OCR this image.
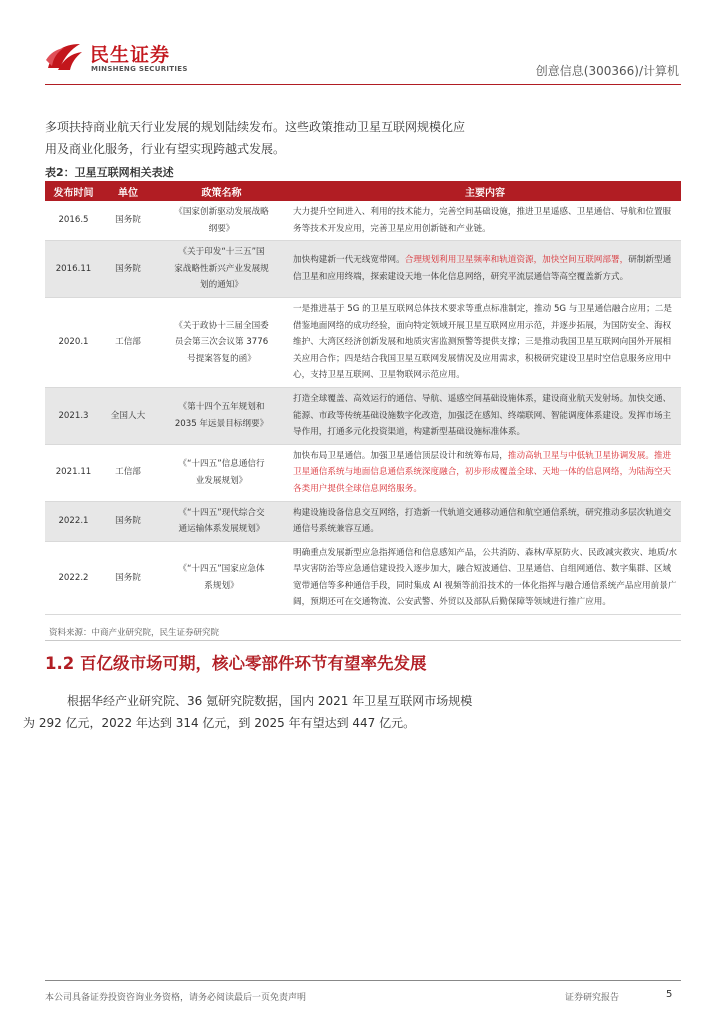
民生证券
MINSHENG SECURITIES	创意信息(300366)/计算机

多项扶持商业航天行业发展的规划陆续发布。这些政策推动卫星互联网规模化应

用及商业化服务，行业有望实现跨越式发展。

表2：卫星互联网相关表述
发布时间	单位	政策名称	主要内容
2016.5	国务院	《国家创新驱动发展战略
纲要》	大力提升空间进入、利用的技术能力，完善空间基础设施，推进卫星遥感、卫星通信、导航和位置服务等技术开发应用，完善卫星应用创新链和产业链。
2016.11	国务院	《关于印发“十三五”国
家战略性新兴产业发展规
划的通知》	加快构建新一代无线宽带网。合理规划利用卫星频率和轨道资源，加快空间互联网部署，研制新型通信卫星和应用终端，探索建设天地一体化信息网络，研究平流层通信等高空覆盖新方式。
2020.1	工信部	《关于政协十三届全国委
员会第三次会议第 3776
号提案答复的函》	一是推进基于 5G 的卫星互联网总体技术要求等重点标准制定，推动 5G 与卫星通信融合应用；二是借鉴地面网络的成功经验，面向特定领域开展卫星互联网应用示范，并逐步拓展，为国防安全、海权维护、大湾区经济创新发展和地质灾害监测预警等提供支撑；三是推动我国卫星互联网向国外开展相关应用合作；四是结合我国卫星互联网发展情况及应用需求，积极研究建设卫星时空信息服务应用中心，支持卫星互联网、卫星物联网示范应用。
2021.3	全国人大	《第十四个五年规划和
2035 年远景目标纲要》	打造全球覆盖、高效运行的通信、导航、遥感空间基础设施体系，建设商业航天发射场。加快交通、能源、市政等传统基础设施数字化改造，加强泛在感知、终端联网、智能调度体系建设。发挥市场主导作用，打通多元化投资渠道，构建新型基础设施标准体系。
2021.11	工信部	《“十四五”信息通信行
业发展规划》	加快布局卫星通信。加强卫星通信顶层设计和统筹布局，推动高轨卫星与中低轨卫星协调发展。推进卫星通信系统与地面信息通信系统深度融合，初步形成覆盖全球、天地一体的信息网络，为陆海空天各类用户提供全球信息网络服务。
2022.1	国务院	《“十四五”现代综合交
通运输体系发展规划》	构建设施设备信息交互网络，打造新一代轨道交通移动通信和航空通信系统，研究推动多层次轨道交通信号系统兼容互通。
2022.2	国务院	《“十四五”国家应急体
系规划》	明确重点发展新型应急指挥通信和信息感知产品，公共消防、森林/草原防火、民政减灾救灾、地质/水旱灾害防治等应急通信建设投入逐步加大，融合短波通信、卫星通信、自组网通信、数字集群、区域宽带通信等多种通信手段，同时集成 AI 视频等前沿技术的一体化指挥与融合通信系统产品应用前景广阔，预期还可在交通物流、公安武警、外贸以及部队后勤保障等领域进行推广应用。
资料来源：中商产业研究院，民生证券研究院
1.2 百亿级市场可期，核心零部件环节有望率先发展

根据华经产业研究院、36 氪研究院数据，国内 2021 年卫星互联网市场规模

为 292 亿元，2022 年达到 314 亿元，到 2025 年有望达到 447 亿元。

本公司具备证券投资咨询业务资格，请务必阅读最后一页免责声明	证券研究报告	5
